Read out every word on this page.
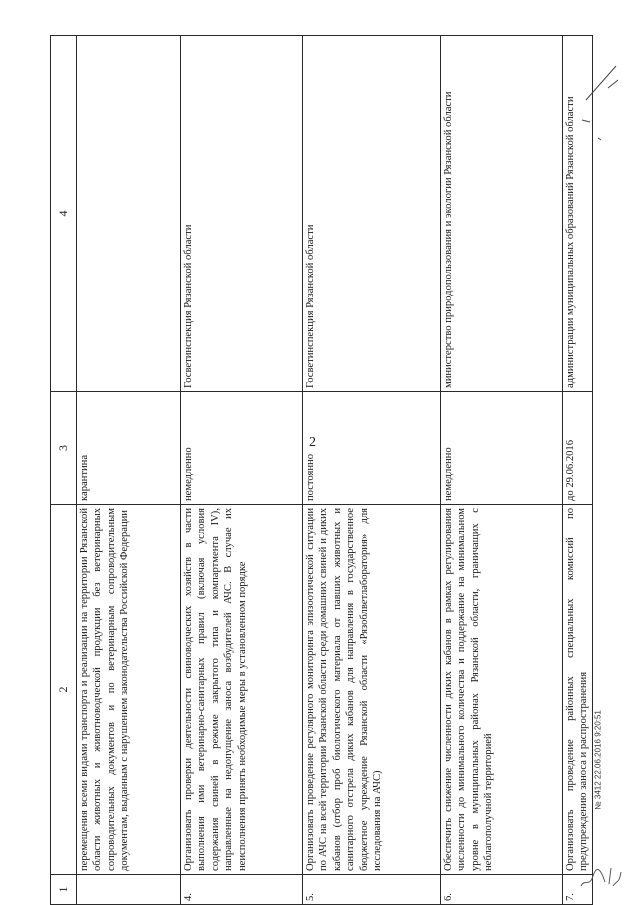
2
1	2	3	4
	перемещения всеми видами транспорта и реализации на территории Рязанской области животных и животноводческой продукции без ветеринарных сопроводительных документов и по ветеринарным сопроводительным документам, выданным с нарушением законодательства Российской Федерации	карантина	
4.	Организовать проверки деятельности свиноводческих хозяйств в части выполнения ими ветеринарно-санитарных правил (включая условия содержания свиней в режиме закрытого типа и компартмента IV), направленные на недопущение заноса возбудителей АЧС. В случае их неисполнения принять необходимые меры в установленном порядке	немедленно	Госветинспекция Рязанской области
5.	Организовать проведение регулярного мониторинга эпизоотической ситуации по АЧС на всей территории Рязанской области среди домашних свиней и диких кабанов (отбор проб биологического материала от павших животных и санитарного отстрела диких кабанов для направления в государственное бюджетное учреждение Рязанской области «Рязоблветлаборатория» для исследования на АЧС)	постоянно	Госветинспекция Рязанской области
6.	Обеспечить снижение численности диких кабанов в рамках регулирования численности до минимального количества и поддержание на минимальном уровне в муниципальных районах Рязанской области, граничащих с неблагополучной территорией	немедленно	министерство природопользования и экологии Рязанской области
7.	Организовать проведение районных специальных комиссий по предупреждению заноса и распространения	до 29.06.2016	администрации муниципальных образований Рязанской области
№ 3412 22.06.2016 9:20:51
